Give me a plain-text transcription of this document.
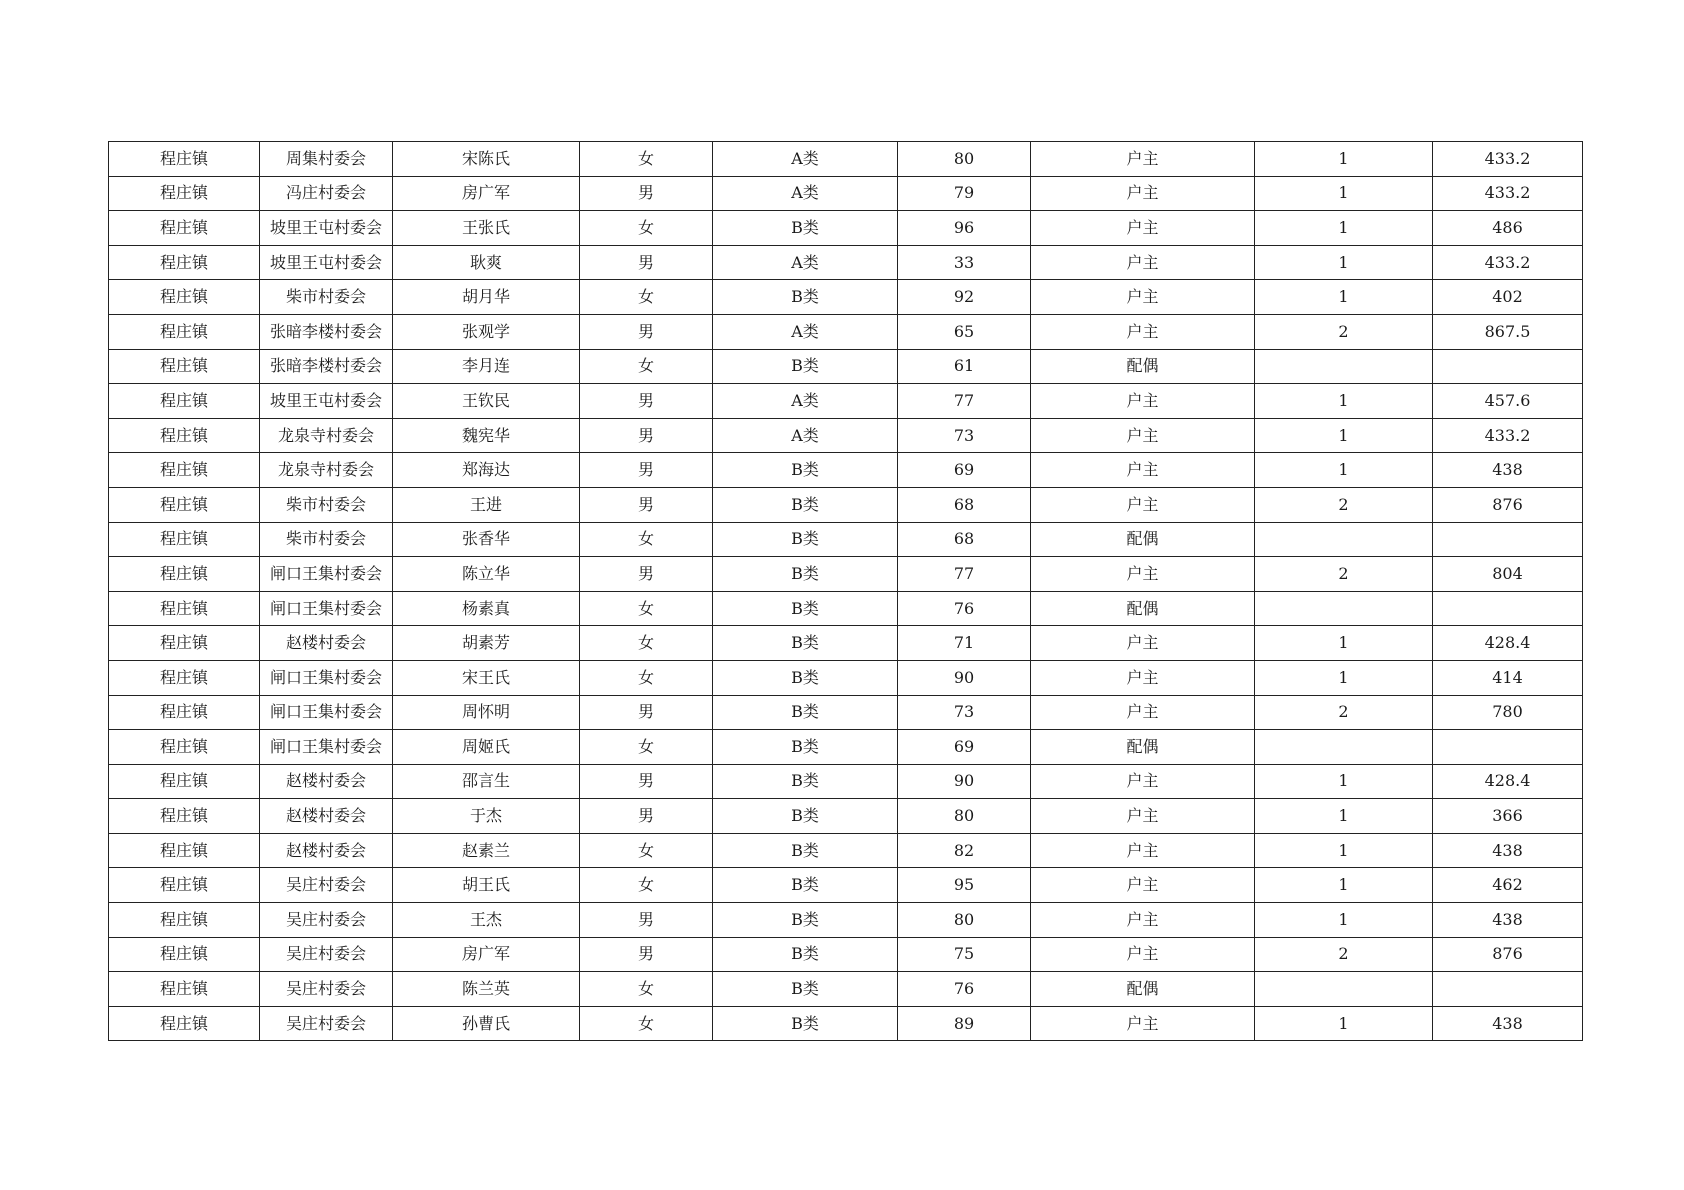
程庄镇	周集村委会	宋陈氏	女	A类	80	户主	1	433.2
程庄镇	冯庄村委会	房广军	男	A类	79	户主	1	433.2
程庄镇	坡里王屯村委会	王张氏	女	B类	96	户主	1	486
程庄镇	坡里王屯村委会	耿爽	男	A类	33	户主	1	433.2
程庄镇	柴市村委会	胡月华	女	B类	92	户主	1	402
程庄镇	张暗李楼村委会	张观学	男	A类	65	户主	2	867.5
程庄镇	张暗李楼村委会	李月连	女	B类	61	配偶		
程庄镇	坡里王屯村委会	王钦民	男	A类	77	户主	1	457.6
程庄镇	龙泉寺村委会	魏宪华	男	A类	73	户主	1	433.2
程庄镇	龙泉寺村委会	郑海达	男	B类	69	户主	1	438
程庄镇	柴市村委会	王进	男	B类	68	户主	2	876
程庄镇	柴市村委会	张香华	女	B类	68	配偶		
程庄镇	闸口王集村委会	陈立华	男	B类	77	户主	2	804
程庄镇	闸口王集村委会	杨素真	女	B类	76	配偶		
程庄镇	赵楼村委会	胡素芳	女	B类	71	户主	1	428.4
程庄镇	闸口王集村委会	宋王氏	女	B类	90	户主	1	414
程庄镇	闸口王集村委会	周怀明	男	B类	73	户主	2	780
程庄镇	闸口王集村委会	周姬氏	女	B类	69	配偶		
程庄镇	赵楼村委会	邵言生	男	B类	90	户主	1	428.4
程庄镇	赵楼村委会	于杰	男	B类	80	户主	1	366
程庄镇	赵楼村委会	赵素兰	女	B类	82	户主	1	438
程庄镇	吴庄村委会	胡王氏	女	B类	95	户主	1	462
程庄镇	吴庄村委会	王杰	男	B类	80	户主	1	438
程庄镇	吴庄村委会	房广军	男	B类	75	户主	2	876
程庄镇	吴庄村委会	陈兰英	女	B类	76	配偶		
程庄镇	吴庄村委会	孙曹氏	女	B类	89	户主	1	438
